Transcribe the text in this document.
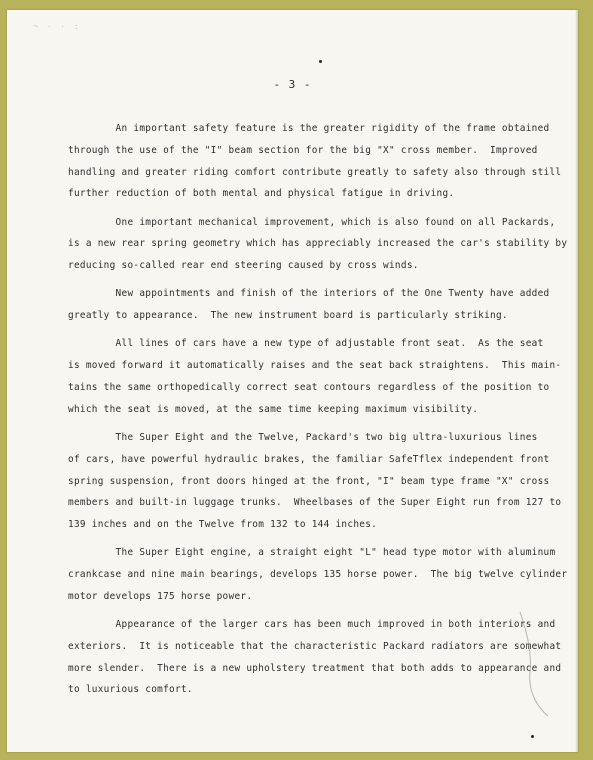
¬ · · :
- 3 -
An important safety feature is the greater rigidity of the frame obtained
through the use of the "I" beam section for the big "X" cross member.  Improved
handling and greater riding comfort contribute greatly to safety also through still
further reduction of both mental and physical fatigue in driving.
One important mechanical improvement, which is also found on all Packards,
is a new rear spring geometry which has appreciably increased the car's stability by
reducing so-called rear end steering caused by cross winds.
New appointments and finish of the interiors of the One Twenty have added
greatly to appearance.  The new instrument board is particularly striking.
All lines of cars have a new type of adjustable front seat.  As the seat
is moved forward it automatically raises and the seat back straightens.  This main-
tains the same orthopedically correct seat contours regardless of the position to
which the seat is moved, at the same time keeping maximum visibility.
The Super Eight and the Twelve, Packard's two big ultra-luxurious lines
of cars, have powerful hydraulic brakes, the familiar SafeTflex independent front
spring suspension, front doors hinged at the front, "I" beam type frame "X" cross
members and built-in luggage trunks.  Wheelbases of the Super Eight run from 127 to
139 inches and on the Twelve from 132 to 144 inches.
The Super Eight engine, a straight eight "L" head type motor with aluminum
crankcase and nine main bearings, develops 135 horse power.  The big twelve cylinder
motor develops 175 horse power.
Appearance of the larger cars has been much improved in both interiors and
exteriors.  It is noticeable that the characteristic Packard radiators are somewhat
more slender.  There is a new upholstery treatment that both adds to appearance and
to luxurious comfort.
